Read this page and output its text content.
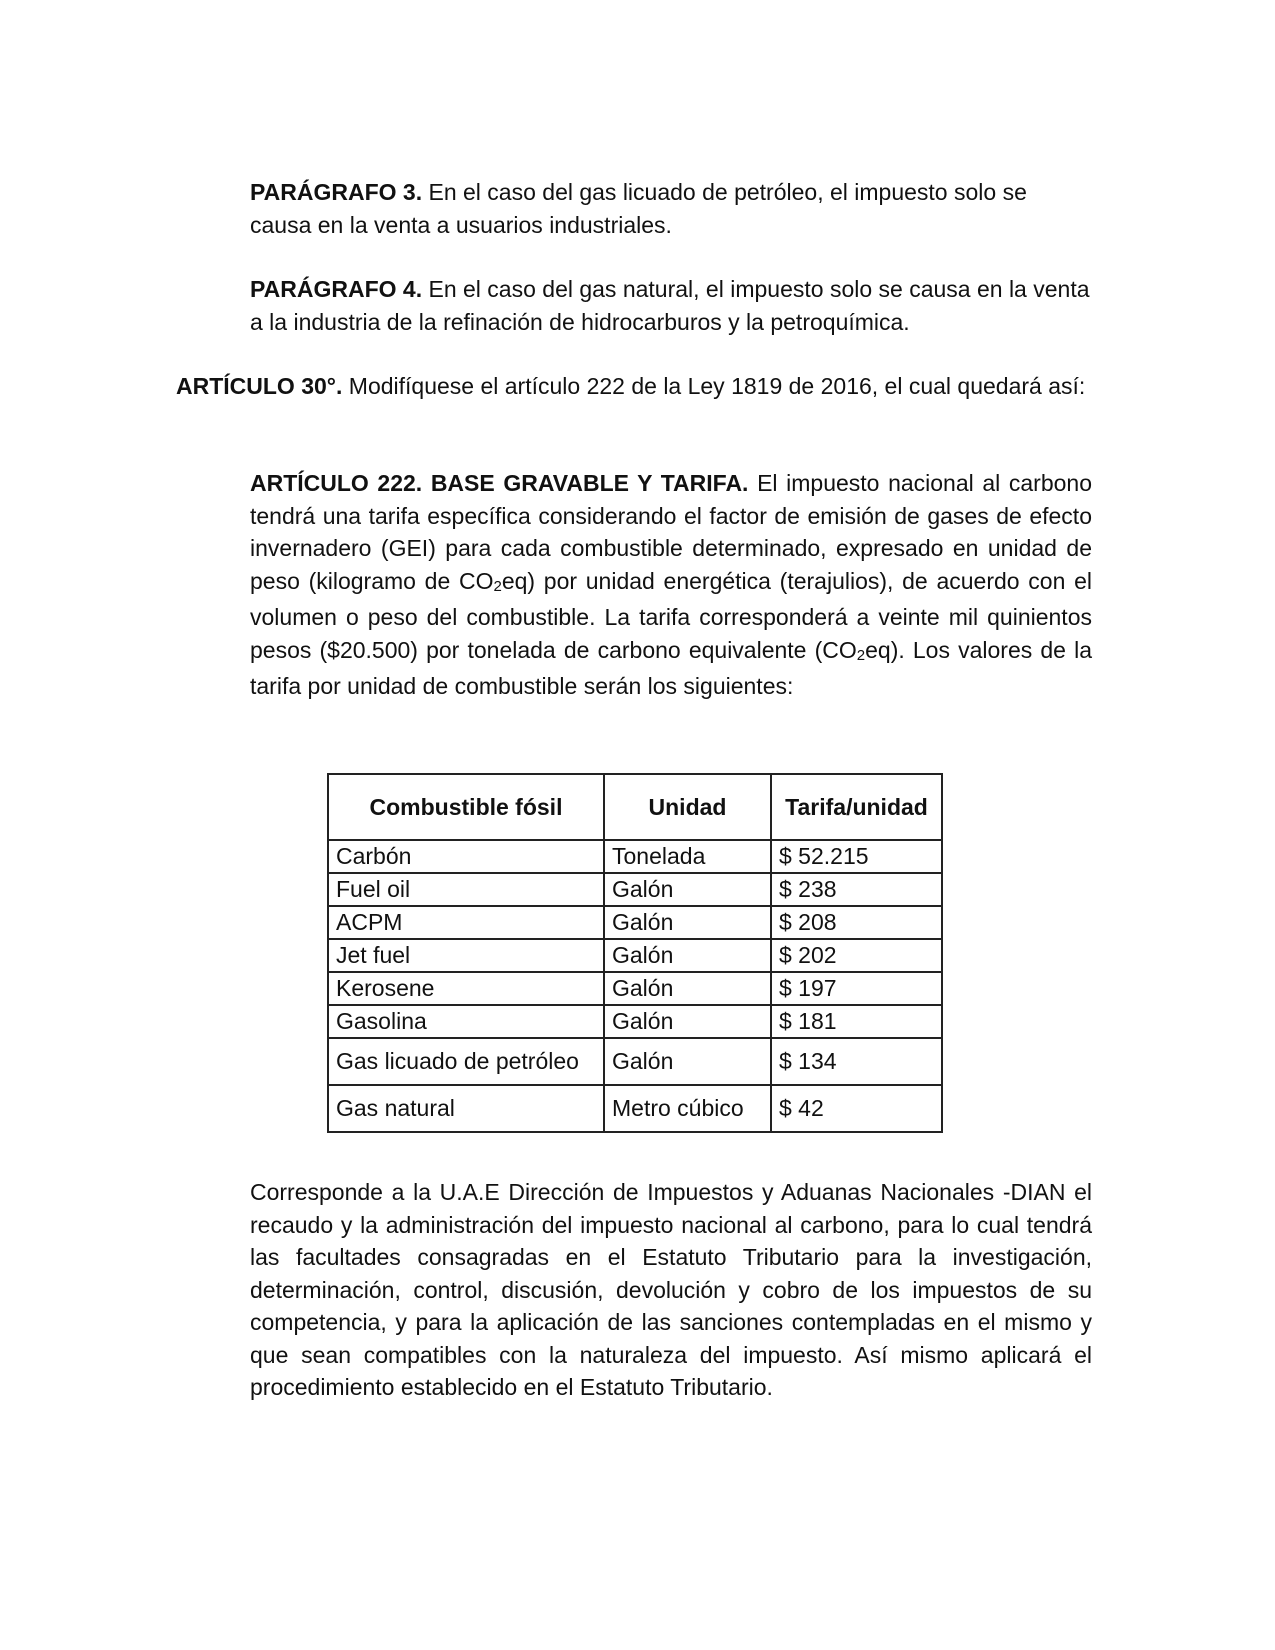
PARÁGRAFO 3. En el caso del gas licuado de petróleo, el impuesto solo se causa en la venta a usuarios industriales.

PARÁGRAFO 4. En el caso del gas natural, el impuesto solo se causa en la venta a la industria de la refinación de hidrocarburos y la petroquímica.

ARTÍCULO 30°. Modifíquese el artículo 222 de la Ley 1819 de 2016, el cual quedará así:

ARTÍCULO 222. BASE GRAVABLE Y TARIFA. El impuesto nacional al carbono tendrá una tarifa específica considerando el factor de emisión de gases de efecto invernadero (GEI) para cada combustible determinado, expresado en unidad de peso (kilogramo de $CO_2eq$) por unidad energética (terajulios), de acuerdo con el volumen o peso del combustible. La tarifa corresponderá a veinte mil quinientos pesos ($20.500) por tonelada de carbono equivalente $(CO_2eq)$. Los valores de la tarifa por unidad de combustible serán los siguientes:

Combustible fósil	Unidad	Tarifa/unidad
Carbón	Tonelada	$ 52.215
Fuel oil	Galón	$ 238
ACPM	Galón	$ 208
Jet fuel	Galón	$ 202
Kerosene	Galón	$ 197
Gasolina	Galón	$ 181
Gas licuado de petróleo	Galón	$ 134
Gas natural	Metro cúbico	$ 42

Corresponde a la U.A.E Dirección de Impuestos y Aduanas Nacionales -DIAN el recaudo y la administración del impuesto nacional al carbono, para lo cual tendrá las facultades consagradas en el Estatuto Tributario para la investigación, determinación, control, discusión, devolución y cobro de los impuestos de su competencia, y para la aplicación de las sanciones contempladas en el mismo y que sean compatibles con la naturaleza del impuesto. Así mismo aplicará el procedimiento establecido en el Estatuto Tributario.
